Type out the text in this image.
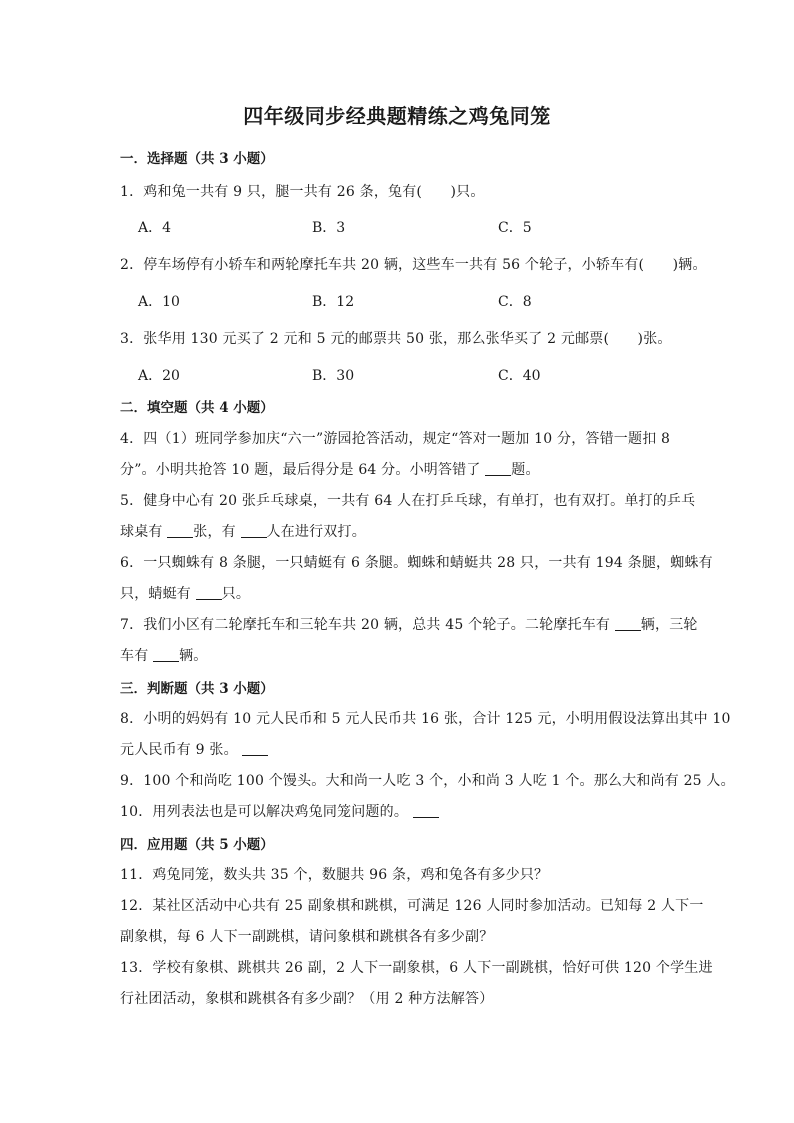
四年级同步经典题精练之鸡兔同笼
一．选择题（共 3 小题）
1．鸡和兔一共有 9 只，腿一共有 26 条，兔有(　　)只。
A．4	B．3	C．5
2．停车场停有小轿车和两轮摩托车共 20 辆，这些车一共有 56 个轮子，小轿车有(　　)辆。
A．10	B．12	C．8
3．张华用 130 元买了 2 元和 5 元的邮票共 50 张，那么张华买了 2 元邮票(　　)张。
A．20	B．30	C．40
二．填空题（共 4 小题）
4．四（1）班同学参加庆“六一”游园抢答活动，规定“答对一题加 10 分，答错一题扣 8
分”。小明共抢答 10 题，最后得分是 64 分。小明答错了 题。
5．健身中心有 20 张乒乓球桌，一共有 64 人在打乒乓球，有单打，也有双打。单打的乒乓
球桌有 张，有 人在进行双打。
6．一只蜘蛛有 8 条腿，一只蜻蜓有 6 条腿。蜘蛛和蜻蜓共 28 只，一共有 194 条腿，蜘蛛有
只，蜻蜓有 只。
7．我们小区有二轮摩托车和三轮车共 20 辆，总共 45 个轮子。二轮摩托车有 辆，三轮
车有 辆。
三．判断题（共 3 小题）
8．小明的妈妈有 10 元人民币和 5 元人民币共 16 张，合计 125 元，小明用假设法算出其中 10
元人民币有 9 张。
9．100 个和尚吃 100 个馒头。大和尚一人吃 3 个，小和尚 3 人吃 1 个。那么大和尚有 25 人。
10．用列表法也是可以解决鸡兔同笼问题的。
四．应用题（共 5 小题）
11．鸡兔同笼，数头共 35 个，数腿共 96 条，鸡和兔各有多少只？
12．某社区活动中心共有 25 副象棋和跳棋，可满足 126 人同时参加活动。已知每 2 人下一
副象棋，每 6 人下一副跳棋，请问象棋和跳棋各有多少副？
13．学校有象棋、跳棋共 26 副，2 人下一副象棋，6 人下一副跳棋，恰好可供 120 个学生进
行社团活动，象棋和跳棋各有多少副？（用 2 种方法解答）
